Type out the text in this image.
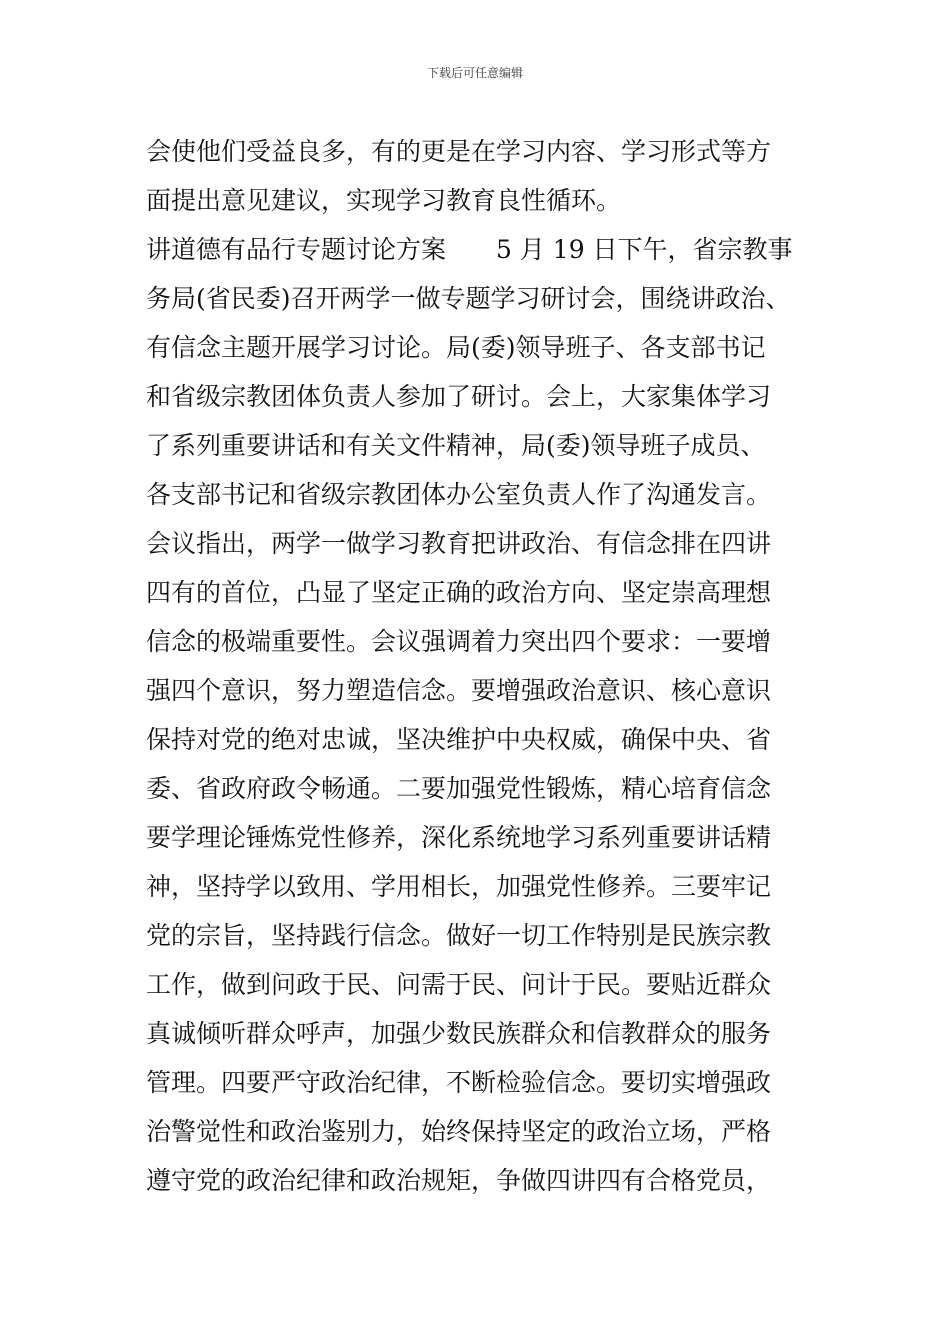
下载后可任意编辑
会使他们受益良多，有的更是在学习内容、学习形式等方
面提出意见建议，实现学习教育良性循环。
讲道德有品行专题讨论方案　　5 月 19 日下午，省宗教事
务局(省民委)召开两学一做专题学习研讨会，围绕讲政治、
有信念主题开展学习讨论。局(委)领导班子、各支部书记
和省级宗教团体负责人参加了研讨。会上，大家集体学习
了系列重要讲话和有关文件精神，局(委)领导班子成员、
各支部书记和省级宗教团体办公室负责人作了沟通发言。
会议指出，两学一做学习教育把讲政治、有信念排在四讲
四有的首位，凸显了坚定正确的政治方向、坚定崇高理想
信念的极端重要性。会议强调着力突出四个要求：一要增
强四个意识，努力塑造信念。要增强政治意识、核心意识
保持对党的绝对忠诚，坚决维护中央权威，确保中央、省
委、省政府政令畅通。二要加强党性锻炼，精心培育信念
要学理论锤炼党性修养，深化系统地学习系列重要讲话精
神，坚持学以致用、学用相长，加强党性修养。三要牢记
党的宗旨，坚持践行信念。做好一切工作特别是民族宗教
工作，做到问政于民、问需于民、问计于民。要贴近群众
真诚倾听群众呼声，加强少数民族群众和信教群众的服务
管理。四要严守政治纪律，不断检验信念。要切实增强政
治警觉性和政治鉴别力，始终保持坚定的政治立场，严格
遵守党的政治纪律和政治规矩，争做四讲四有合格党员，
